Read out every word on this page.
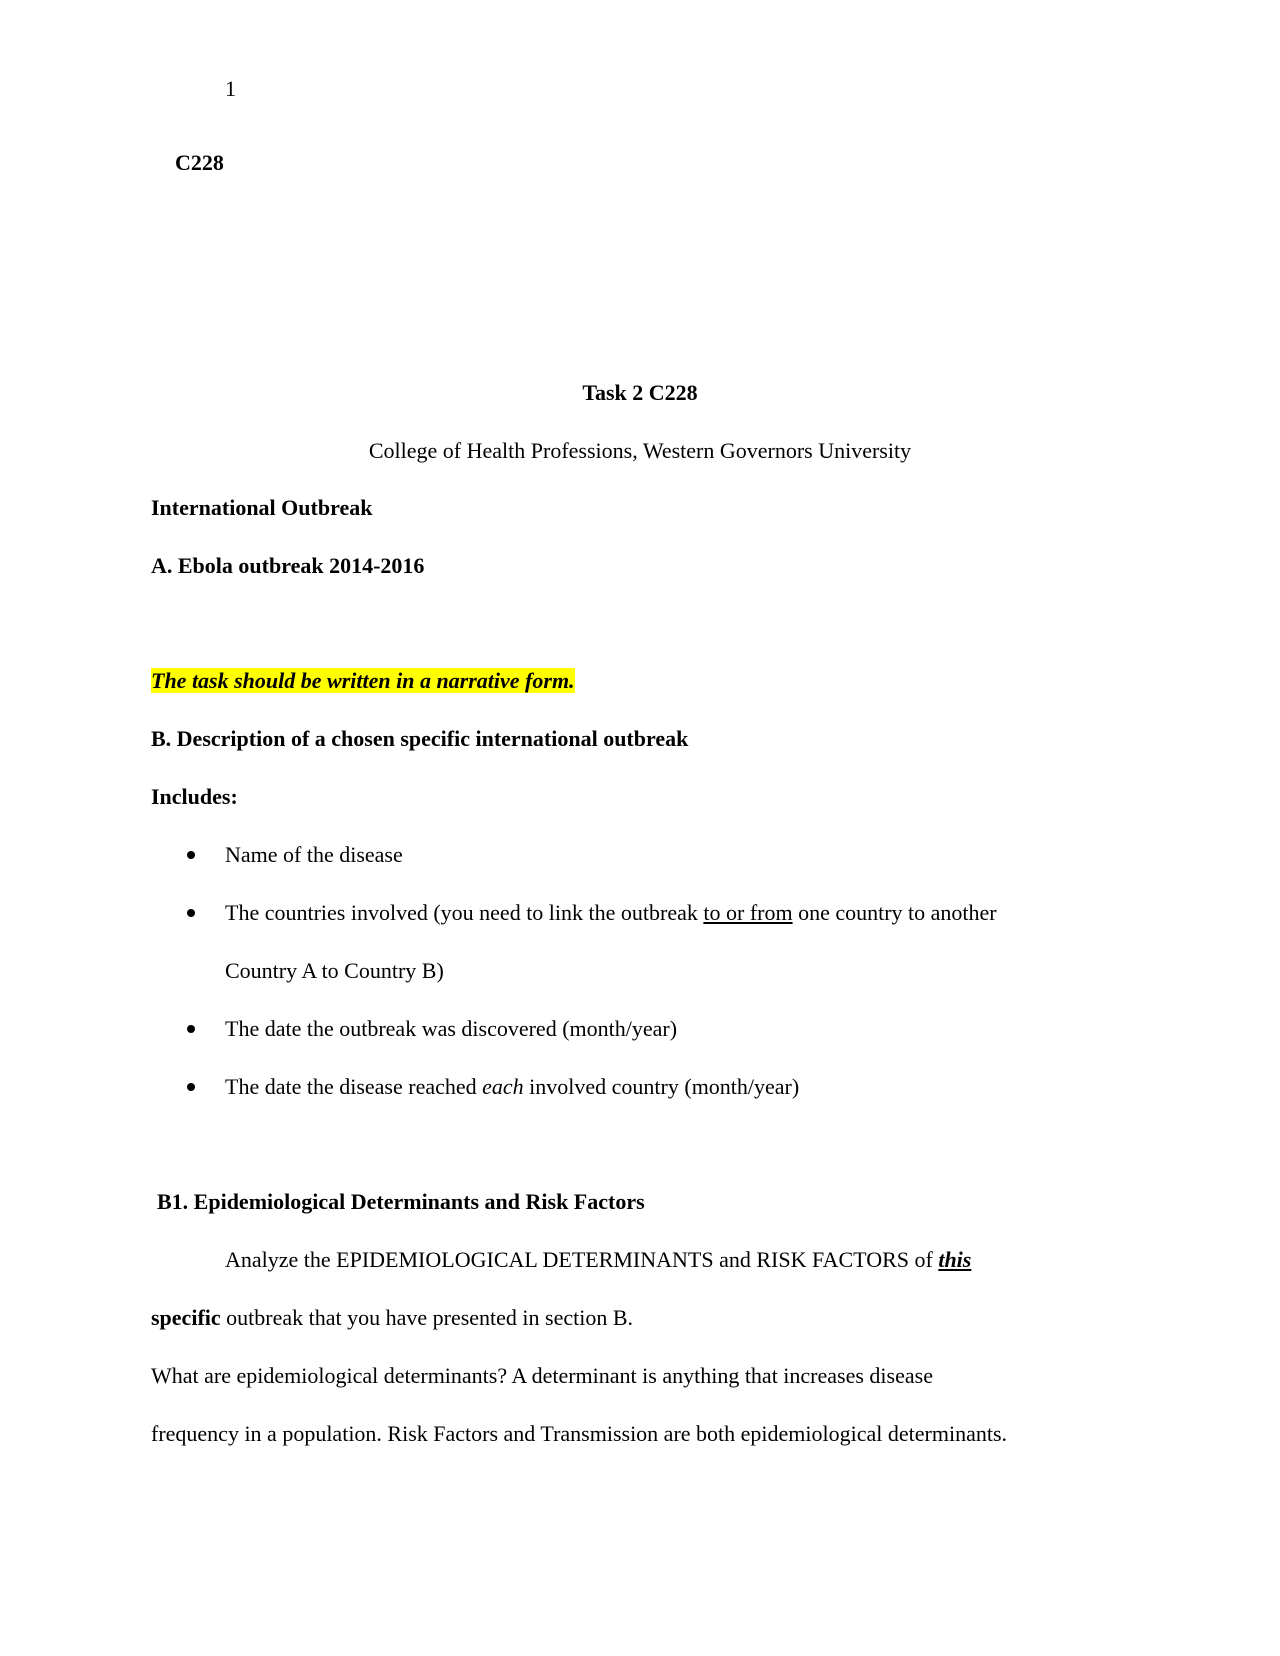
1
C228
Task 2 C228
College of Health Professions, Western Governors University
International Outbreak
A. Ebola outbreak 2014-2016
The task should be written in a narrative form.
B. Description of a chosen specific international outbreak
Includes:
Name of the disease
The countries involved (you need to link the outbreak to or from one country to another
Country A to Country B)
The date the outbreak was discovered (month/year)
The date the disease reached each involved country (month/year)
B1. Epidemiological Determinants and Risk Factors
Analyze the EPIDEMIOLOGICAL DETERMINANTS and RISK FACTORS of this
specific outbreak that you have presented in section B.
What are epidemiological determinants? A determinant is anything that increases disease
frequency in a population. Risk Factors and Transmission are both epidemiological determinants.
